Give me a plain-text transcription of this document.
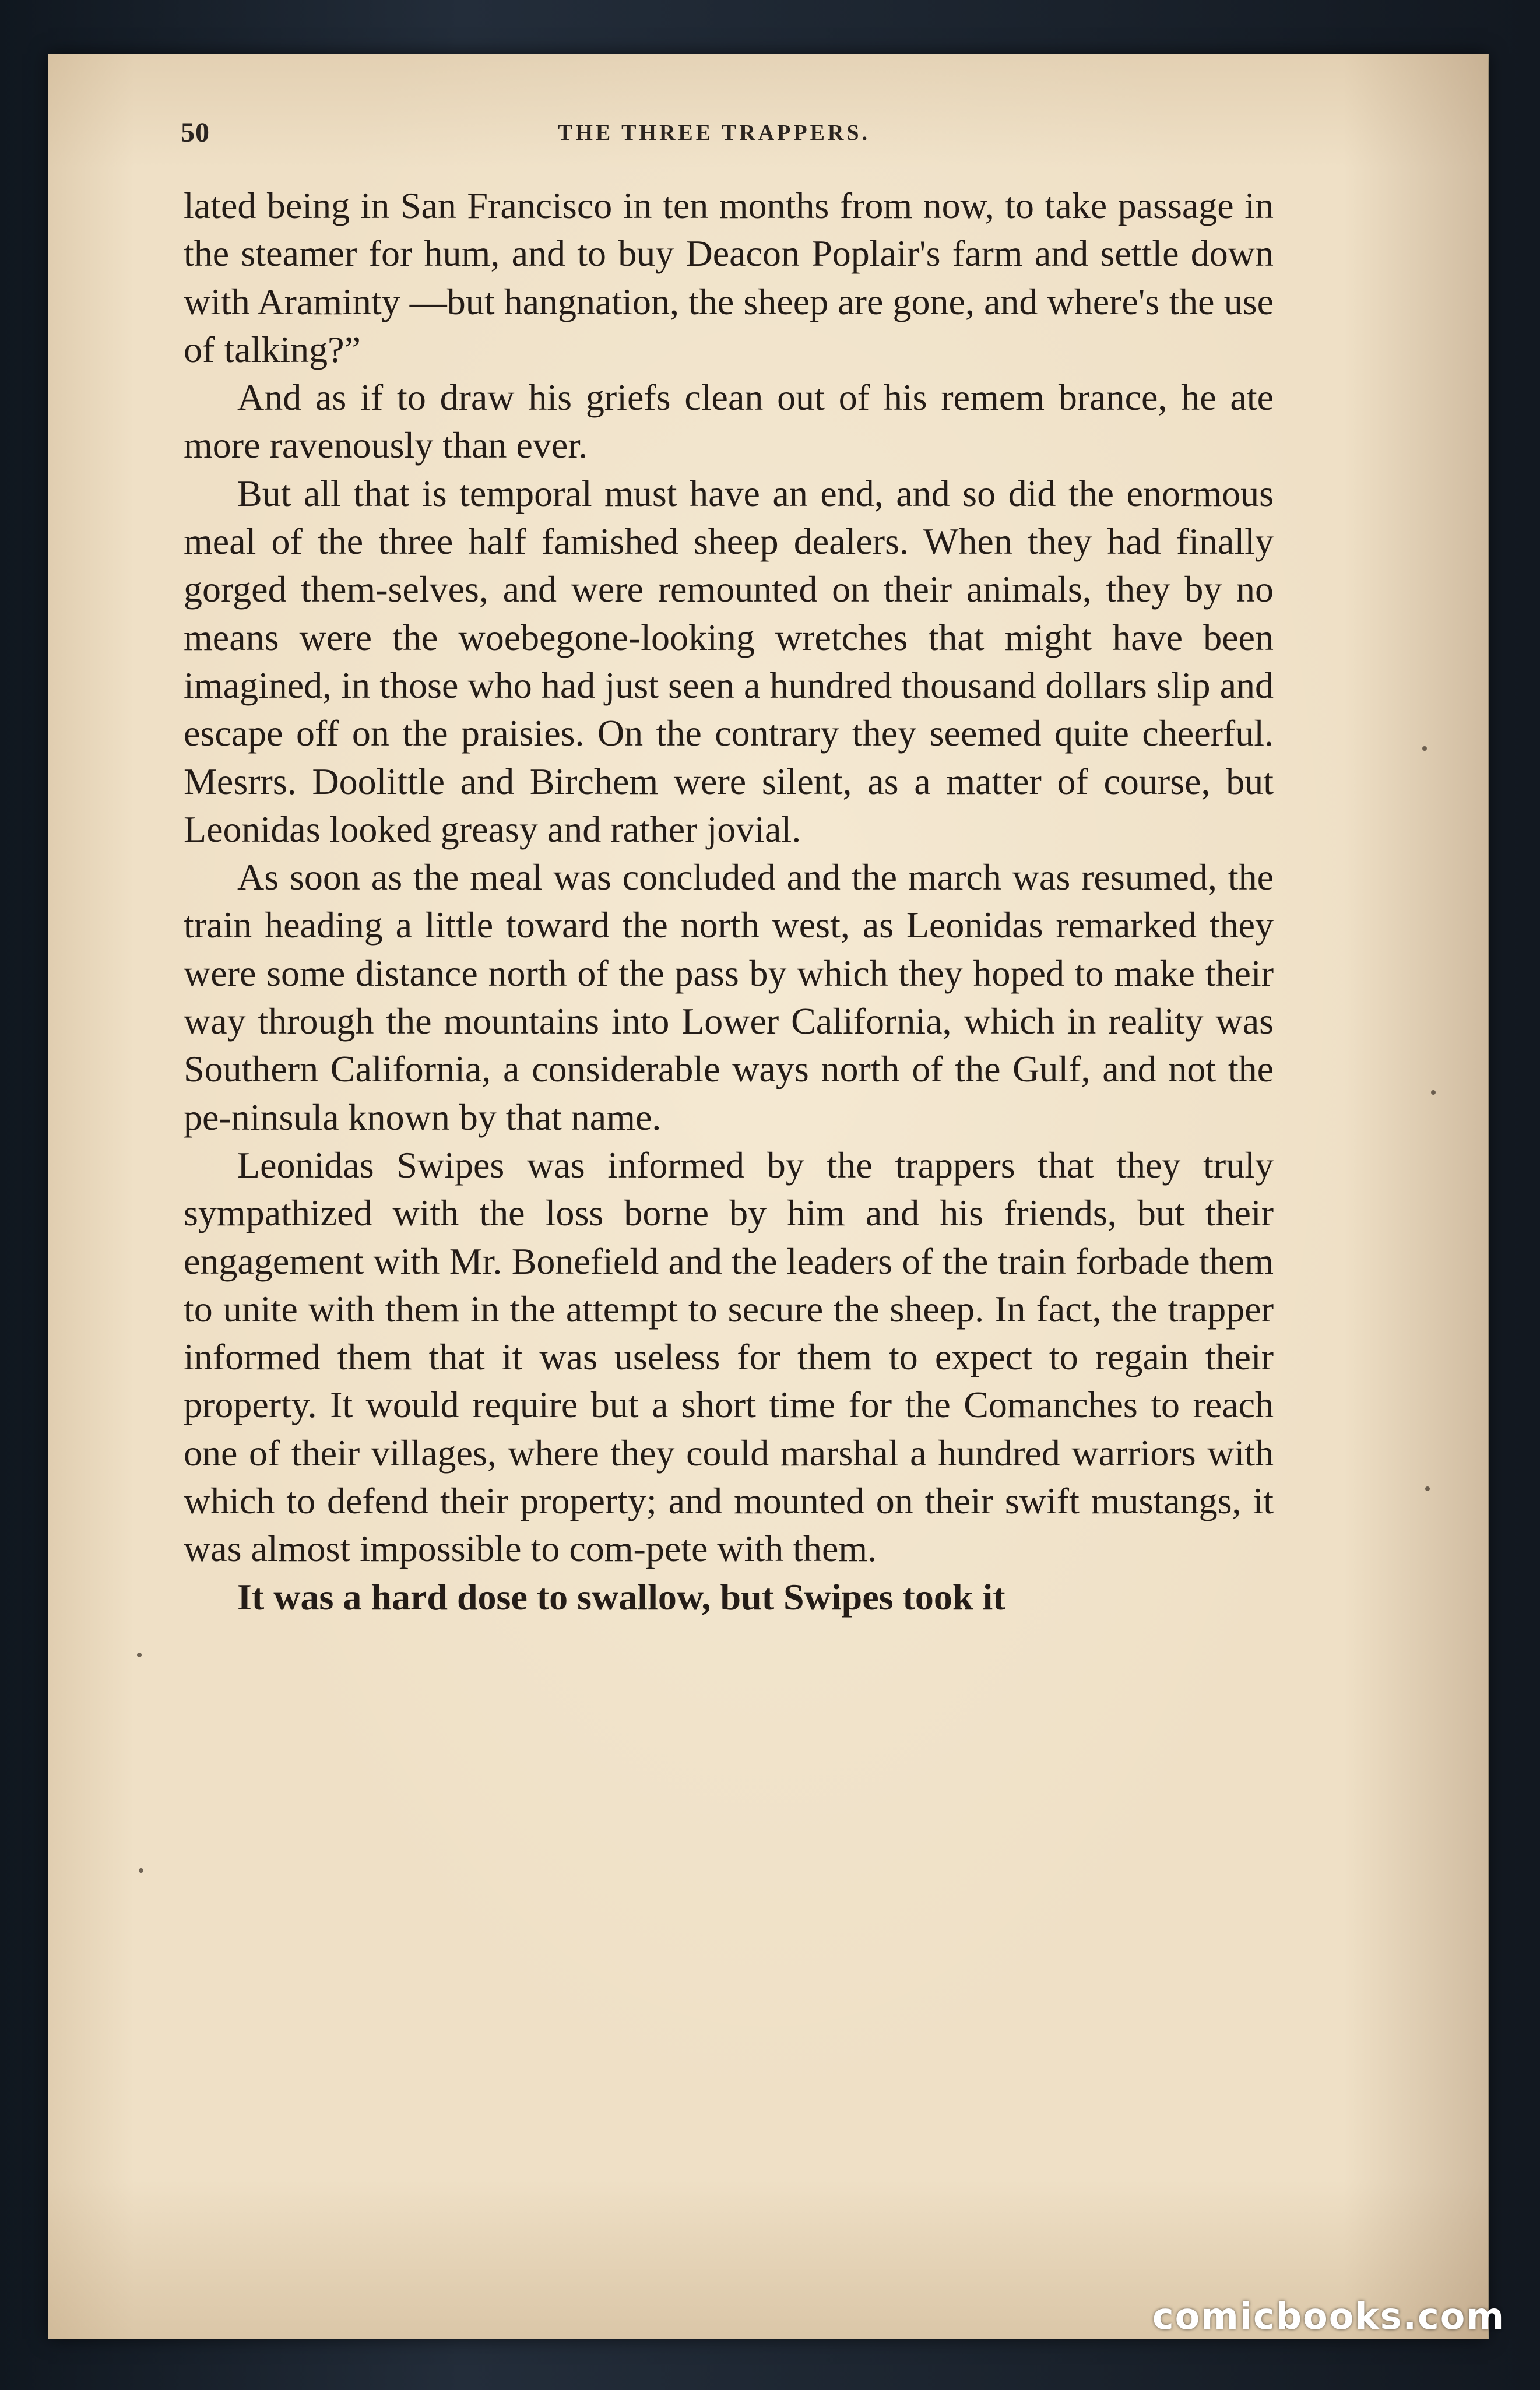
50	THE THREE TRAPPERS.

lated being in San Francisco in ten months from now, to take passage in the steamer for hum, and to buy Deacon Poplair's farm and settle down with Araminty —but hangnation, the sheep are gone, and where's the use of talking?”

And as if to draw his griefs clean out of his remem brance, he ate more ravenously than ever.

But all that is temporal must have an end, and so did the enormous meal of the three half famished sheep dealers. When they had finally gorged them-selves, and were remounted on their animals, they by no means were the woebegone-looking wretches that might have been imagined, in those who had just seen a hundred thousand dollars slip and escape off on the praisies. On the contrary they seemed quite cheerful. Mesrrs. Doolittle and Birchem were silent, as a matter of course, but Leonidas looked greasy and rather jovial.

As soon as the meal was concluded and the march was resumed, the train heading a little toward the north west, as Leonidas remarked they were some distance north of the pass by which they hoped to make their way through the mountains into Lower California, which in reality was Southern California, a considerable ways north of the Gulf, and not the pe-ninsula known by that name.

Leonidas Swipes was informed by the trappers that they truly sympathized with the loss borne by him and his friends, but their engagement with Mr. Bonefield and the leaders of the train forbade them to unite with them in the attempt to secure the sheep. In fact, the trapper informed them that it was useless for them to expect to regain their property. It would require but a short time for the Comanches to reach one of their villages, where they could marshal a hundred warriors with which to defend their property; and mounted on their swift mustangs, it was almost impossible to com-pete with them.

It was a hard dose to swallow, but Swipes took it

comicbooks.com
